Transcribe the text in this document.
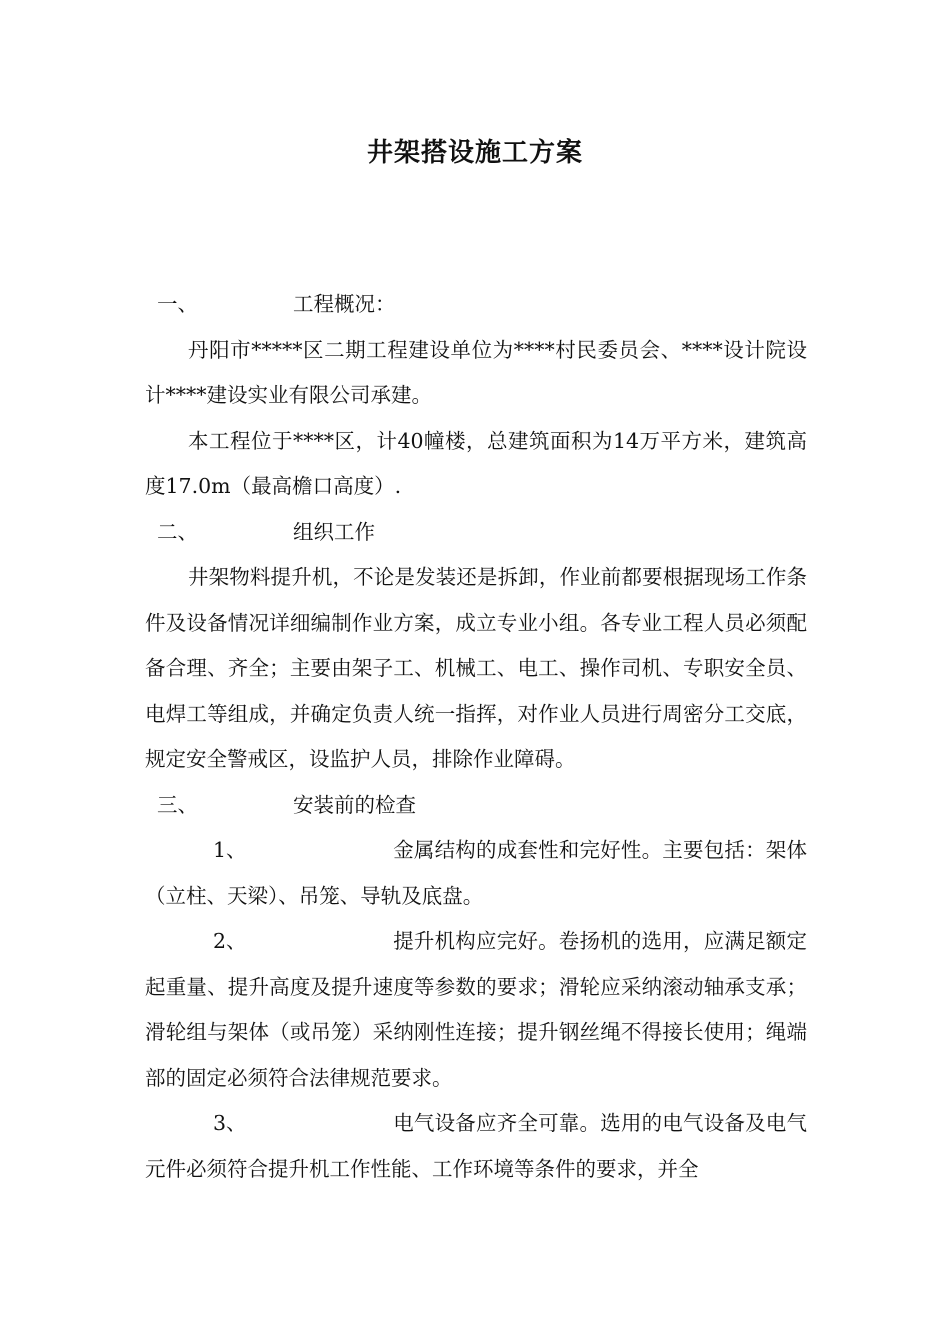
井架搭设施工方案
一、	工程概况：
丹阳市*****区二期工程建设单位为****村民委员会、****设计院设计****建设实业有限公司承建。
本工程位于****区，计40幢楼，总建筑面积为14万平方米，建筑高度17.0m（最高檐口高度）.
二、	组织工作
井架物料提升机，不论是发装还是拆卸，作业前都要根据现场工作条件及设备情况详细编制作业方案，成立专业小组。各专业工程人员必须配备合理、齐全；主要由架子工、机械工、电工、操作司机、专职安全员、电焊工等组成，并确定负责人统一指挥，对作业人员进行周密分工交底，规定安全警戒区，设监护人员，排除作业障碍。
三、	安装前的检查
1、	金属结构的成套性和完好性。主要包括：架体（立柱、天梁）、吊笼、导轨及底盘。
2、	提升机构应完好。卷扬机的选用，应满足额定起重量、提升高度及提升速度等参数的要求；滑轮应采纳滚动轴承支承；滑轮组与架体（或吊笼）采纳刚性连接；提升钢丝绳不得接长使用；绳端部的固定必须符合法律规范要求。
3、	电气设备应齐全可靠。选用的电气设备及电气元件必须符合提升机工作性能、工作环境等条件的要求，并全
